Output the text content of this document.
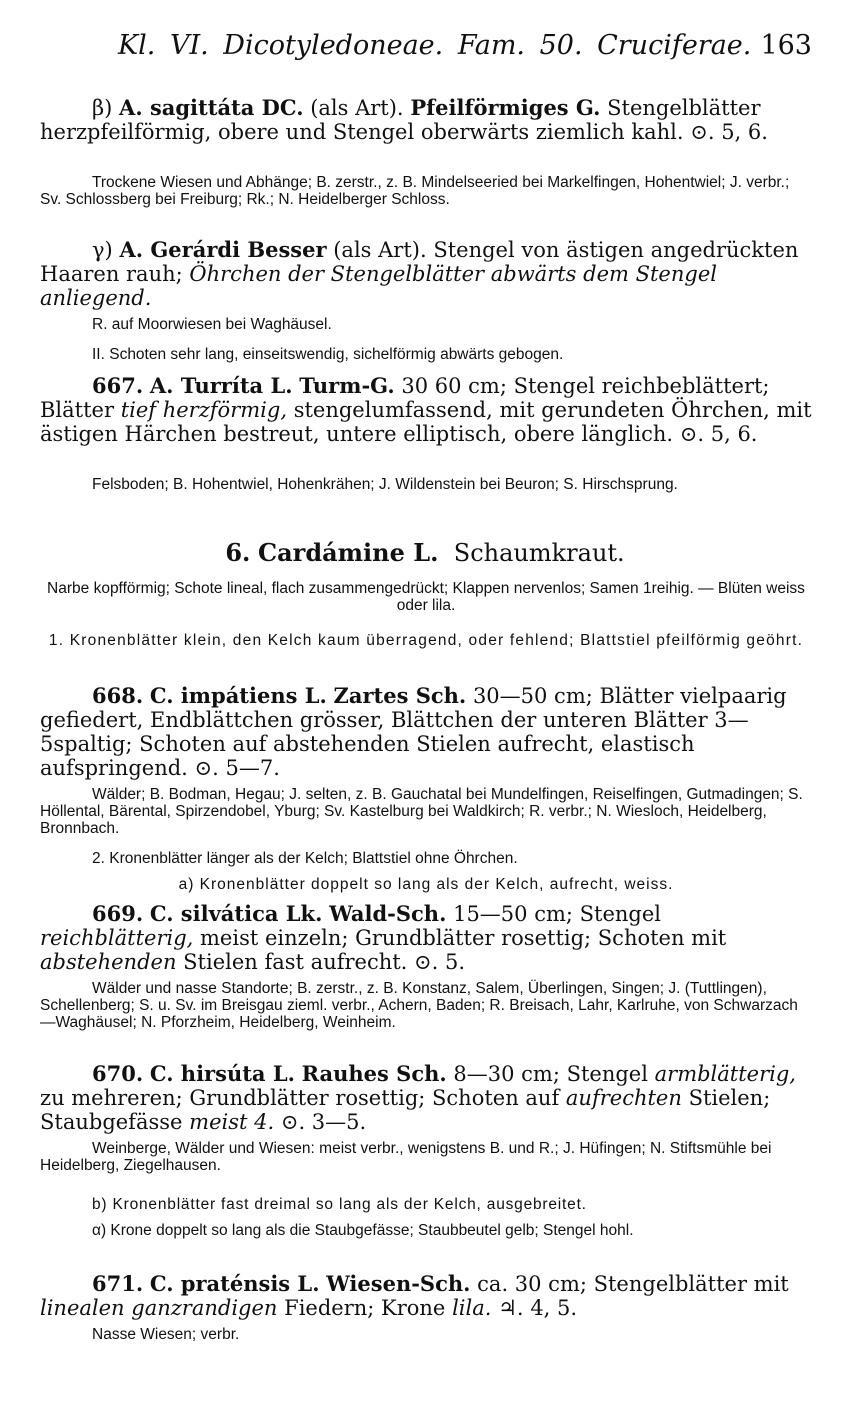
Kl. VI. Dicotyledoneae. Fam. 50. Cruciferae. 163
β) A. sagittáta DC. (als Art). Pfeilförmiges G. Stengelblätter herzpfeilförmig, obere und Stengel oberwärts ziemlich kahl. ⊙. 5, 6.
Trockene Wiesen und Abhänge; B. zerstr., z. B. Mindelseeried bei Markelfingen, Hohentwiel; J. verbr.; Sv. Schlossberg bei Freiburg; Rk.; N. Heidelberger Schloss.
γ) A. Gerárdi Besser (als Art). Stengel von ästigen angedrückten Haaren rauh; Öhrchen der Stengelblätter abwärts dem Stengel anliegend.
R. auf Moorwiesen bei Waghäusel.
II. Schoten sehr lang, einseitswendig, sichelförmig abwärts gebogen.
667. A. Turríta L. Turm-G. 30 60 cm; Stengel reichbeblättert; Blätter tief herzförmig, stengelumfassend, mit gerundeten Öhrchen, mit ästigen Härchen bestreut, untere elliptisch, obere länglich. ⊙. 5, 6.
Felsboden; B. Hohentwiel, Hohenkrähen; J. Wildenstein bei Beuron; S. Hirschsprung.
6. Cardámine L. Schaumkraut.
Narbe kopfförmig; Schote lineal, flach zusammengedrückt; Klappen nervenlos; Samen 1reihig. — Blüten weiss oder lila.
1. Kronenblätter klein, den Kelch kaum überragend, oder fehlend; Blattstiel pfeilförmig geöhrt.
668. C. impátiens L. Zartes Sch. 30—50 cm; Blätter vielpaarig gefiedert, Endblättchen grösser, Blättchen der unteren Blätter 3—5spaltig; Schoten auf abstehenden Stielen aufrecht, elastisch aufspringend. ⊙. 5—7.
Wälder; B. Bodman, Hegau; J. selten, z. B. Gauchatal bei Mundelfingen, Reiselfingen, Gutmadingen; S. Höllental, Bärental, Spirzendobel, Yburg; Sv. Kastelburg bei Waldkirch; R. verbr.; N. Wiesloch, Heidelberg, Bronnbach.
2. Kronenblätter länger als der Kelch; Blattstiel ohne Öhrchen.
a) Kronenblätter doppelt so lang als der Kelch, aufrecht, weiss.
669. C. silvática Lk. Wald-Sch. 15—50 cm; Stengel reichblätterig, meist einzeln; Grundblätter rosettig; Schoten mit abstehenden Stielen fast aufrecht. ⊙. 5.
Wälder und nasse Standorte; B. zerstr., z. B. Konstanz, Salem, Überlingen, Singen; J. (Tuttlingen), Schellenberg; S. u. Sv. im Breisgau zieml. verbr., Achern, Baden; R. Breisach, Lahr, Karlruhe, von Schwarzach—Waghäusel; N. Pforzheim, Heidelberg, Weinheim.
670. C. hirsúta L. Rauhes Sch. 8—30 cm; Stengel armblätterig, zu mehreren; Grundblätter rosettig; Schoten auf aufrechten Stielen; Staubgefässe meist 4. ⊙. 3—5.
Weinberge, Wälder und Wiesen: meist verbr., wenigstens B. und R.; J. Hüfingen; N. Stiftsmühle bei Heidelberg, Ziegelhausen.
b) Kronenblätter fast dreimal so lang als der Kelch, ausgebreitet.
α) Krone doppelt so lang als die Staubgefässe; Staubbeutel gelb; Stengel hohl.
671. C. praténsis L. Wiesen-Sch. ca. 30 cm; Stengelblätter mit linealen ganzrandigen Fiedern; Krone lila. ♃. 4, 5.
Nasse Wiesen; verbr.
